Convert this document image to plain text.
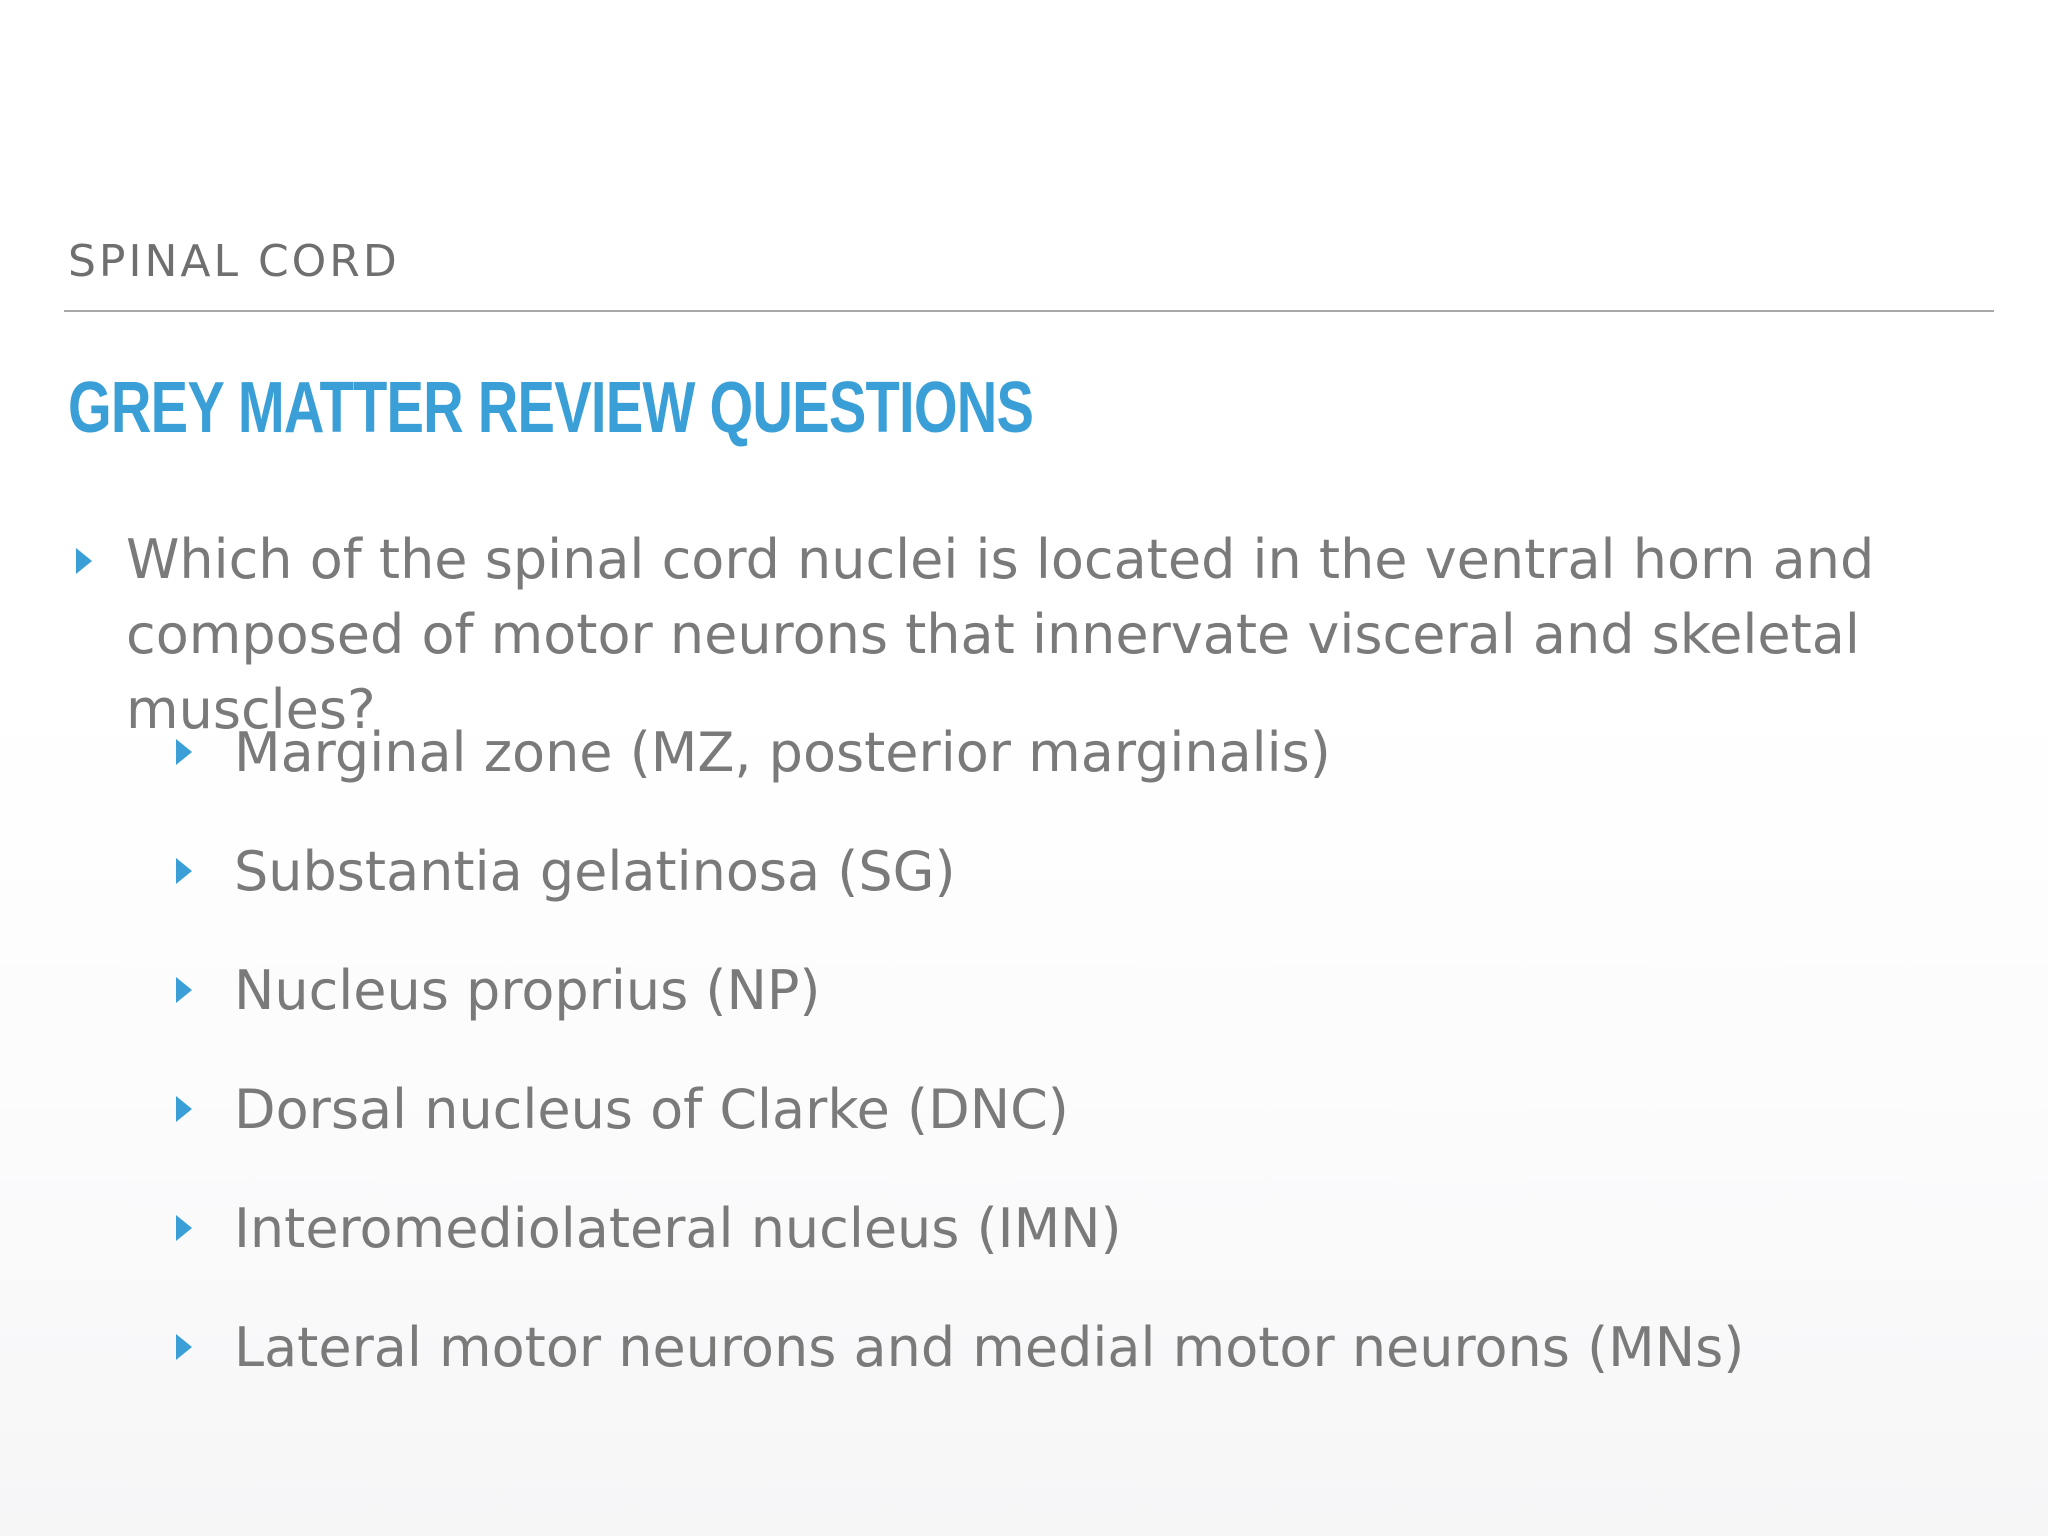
SPINAL CORD
GREY MATTER REVIEW QUESTIONS
Which of the spinal cord nuclei is located in the ventral horn and composed of motor neurons that innervate visceral and skeletal muscles?
Marginal zone (MZ, posterior marginalis)
Substantia gelatinosa (SG)
Nucleus proprius (NP)
Dorsal nucleus of Clarke (DNC)
Interomediolateral nucleus (IMN)
Lateral motor neurons and medial motor neurons (MNs)
